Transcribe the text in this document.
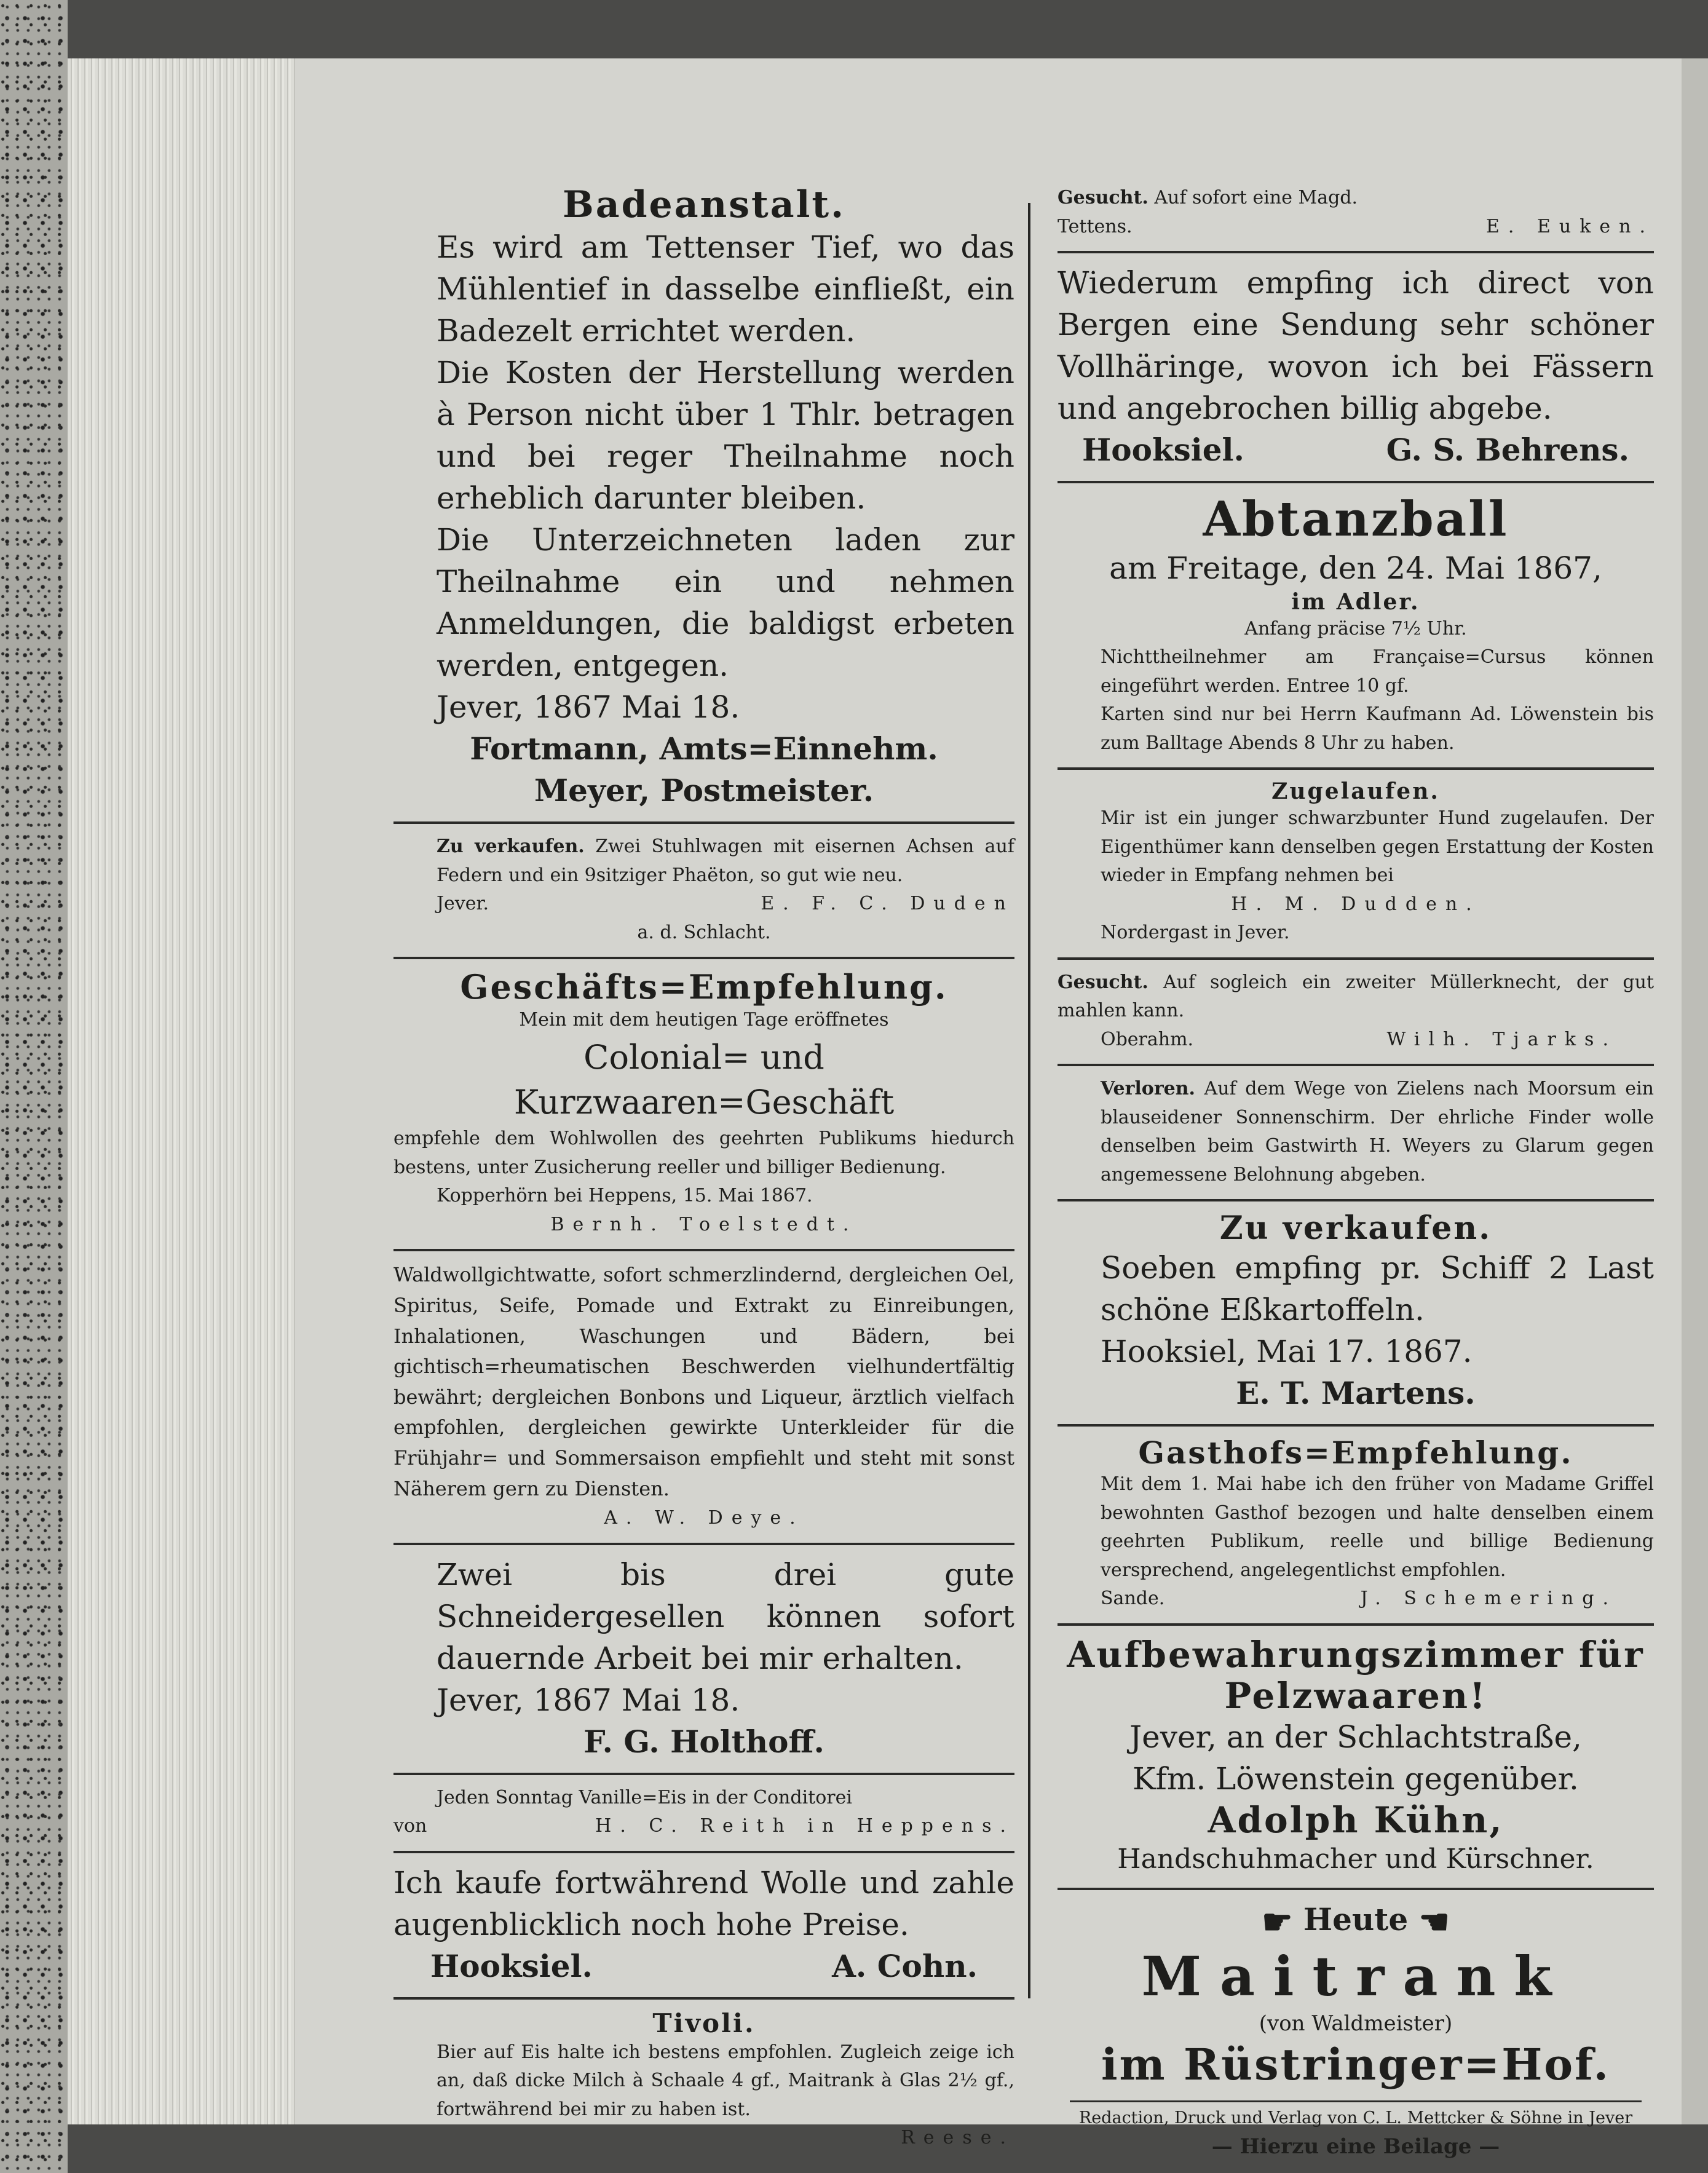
Badeanstalt.
Es wird am Tettenser Tief, wo das Mühlentief in dasselbe einfließt, ein Badezelt errichtet werden.
Die Kosten der Herstellung werden à Person nicht über 1 Thlr. betragen und bei reger Theilnahme noch erheblich darunter bleiben.
Die Unterzeichneten laden zur Theilnahme ein und nehmen Anmeldungen, die baldigst erbeten werden, entgegen.
Jever, 1867 Mai 18.
Fortmann, Amts=Einnehm.
Meyer, Postmeister.
Zu verkaufen. Zwei Stuhlwagen mit eisernen Achsen auf Federn und ein 9sitziger Phaëton, so gut wie neu.
Jever.	E. F. C. Duden
a. d. Schlacht.
Geschäfts=Empfehlung.
Mein mit dem heutigen Tage eröffnetes
Colonial= und Kurzwaaren=Geschäft
empfehle dem Wohlwollen des geehrten Publikums hiedurch bestens, unter Zusicherung reeller und billiger Bedienung.
Kopperhörn bei Heppens, 15. Mai 1867.
Bernh. Toelstedt.
Waldwollgichtwatte, sofort schmerzlindernd, dergleichen Oel, Spiritus, Seife, Pomade und Extrakt zu Einreibungen, Inhalationen, Waschungen und Bädern, bei gichtisch=rheumatischen Beschwerden vielhundertfältig bewährt; dergleichen Bonbons und Liqueur, ärztlich vielfach empfohlen, dergleichen gewirkte Unterkleider für die Frühjahr= und Sommersaison empfiehlt und steht mit sonst Näherem gern zu Diensten.
A. W. Deye.
Zwei bis drei gute Schneidergesellen können sofort dauernde Arbeit bei mir erhalten.
Jever, 1867 Mai 18.
F. G. Holthoff.
Jeden Sonntag Vanille=Eis in der Conditorei
von	H. C. Reith in Heppens.
Ich kaufe fortwährend Wolle und zahle augenblicklich noch hohe Preise.
Hooksiel.	A. Cohn.
Tivoli.
Bier auf Eis halte ich bestens empfohlen. Zugleich zeige ich an, daß dicke Milch à Schaale 4 gf., Maitrank à Glas 2½ gf., fortwährend bei mir zu haben ist.
Reese.
Gesucht. Auf sofort eine Magd.
Tettens.	E. Euken.
Wiederum empfing ich direct von Bergen eine Sendung sehr schöner Vollhäringe, wovon ich bei Fässern und angebrochen billig abgebe.
Hooksiel.	G. S. Behrens.
Abtanzball
am Freitage, den 24. Mai 1867,
im Adler.
Anfang präcise 7½ Uhr.
Nichttheilnehmer am Française=Cursus können eingeführt werden. Entree 10 gf.
Karten sind nur bei Herrn Kaufmann Ad. Löwenstein bis zum Balltage Abends 8 Uhr zu haben.
Zugelaufen.
Mir ist ein junger schwarzbunter Hund zugelaufen. Der Eigenthümer kann denselben gegen Erstattung der Kosten wieder in Empfang nehmen bei
H. M. Dudden.
Nordergast in Jever.
Gesucht. Auf sogleich ein zweiter Müllerknecht, der gut mahlen kann.
Oberahm.	Wilh. Tjarks.
Verloren. Auf dem Wege von Zielens nach Moorsum ein blauseidener Sonnenschirm. Der ehrliche Finder wolle denselben beim Gastwirth H. Weyers zu Glarum gegen angemessene Belohnung abgeben.
Zu verkaufen.
Soeben empfing pr. Schiff 2 Last schöne Eßkartoffeln.
Hooksiel, Mai 17. 1867.
E. T. Martens.
Gasthofs=Empfehlung.
Mit dem 1. Mai habe ich den früher von Madame Griffel bewohnten Gasthof bezogen und halte denselben einem geehrten Publikum, reelle und billige Bedienung versprechend, angelegentlichst empfohlen.
Sande.	J. Schemering.
Aufbewahrungszimmer für Pelzwaaren!
Jever, an der Schlachtstraße,
Kfm. Löwenstein gegenüber.
Adolph Kühn,
Handschuhmacher und Kürschner.
☛ Heute ☚
Maitrank
(von Waldmeister)
im Rüstringer=Hof.
Redaction, Druck und Verlag von C. L. Mettcker & Söhne in Jever
— Hierzu eine Beilage —
